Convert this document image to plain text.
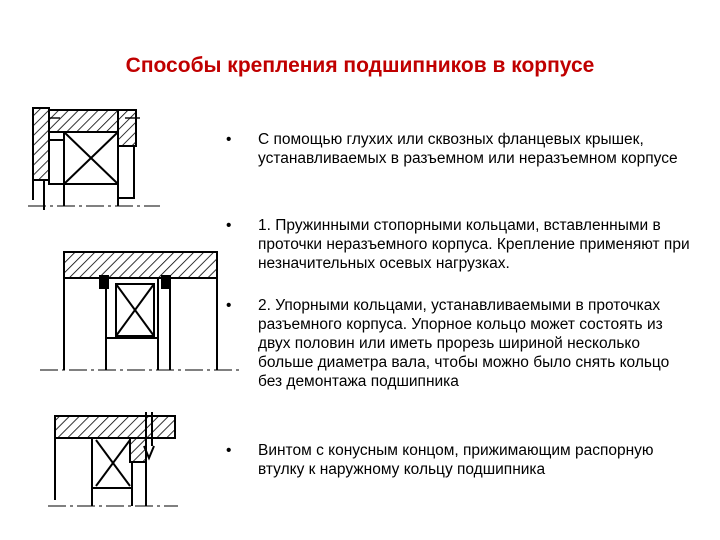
Способы крепления подшипников в корпусе
•	С помощью глухих или сквозных фланцевых крышек, устанавливаемых в разъемном или неразъемном корпусе
•	1. Пружинными стопорными кольцами, вставленными в проточки неразъемного корпуса. Крепление применяют при незначительных осевых нагрузках.
•	2. Упорными кольцами, устанавливаемыми в проточках разъемного корпуса. Упорное кольцо может состоять из двух половин или иметь прорезь шириной несколько больше диаметра вала, чтобы можно было снять кольцо без демонтажа подшипника
•	Винтом с конусным концом, прижимающим распорную втулку к наружному кольцу подшипника
